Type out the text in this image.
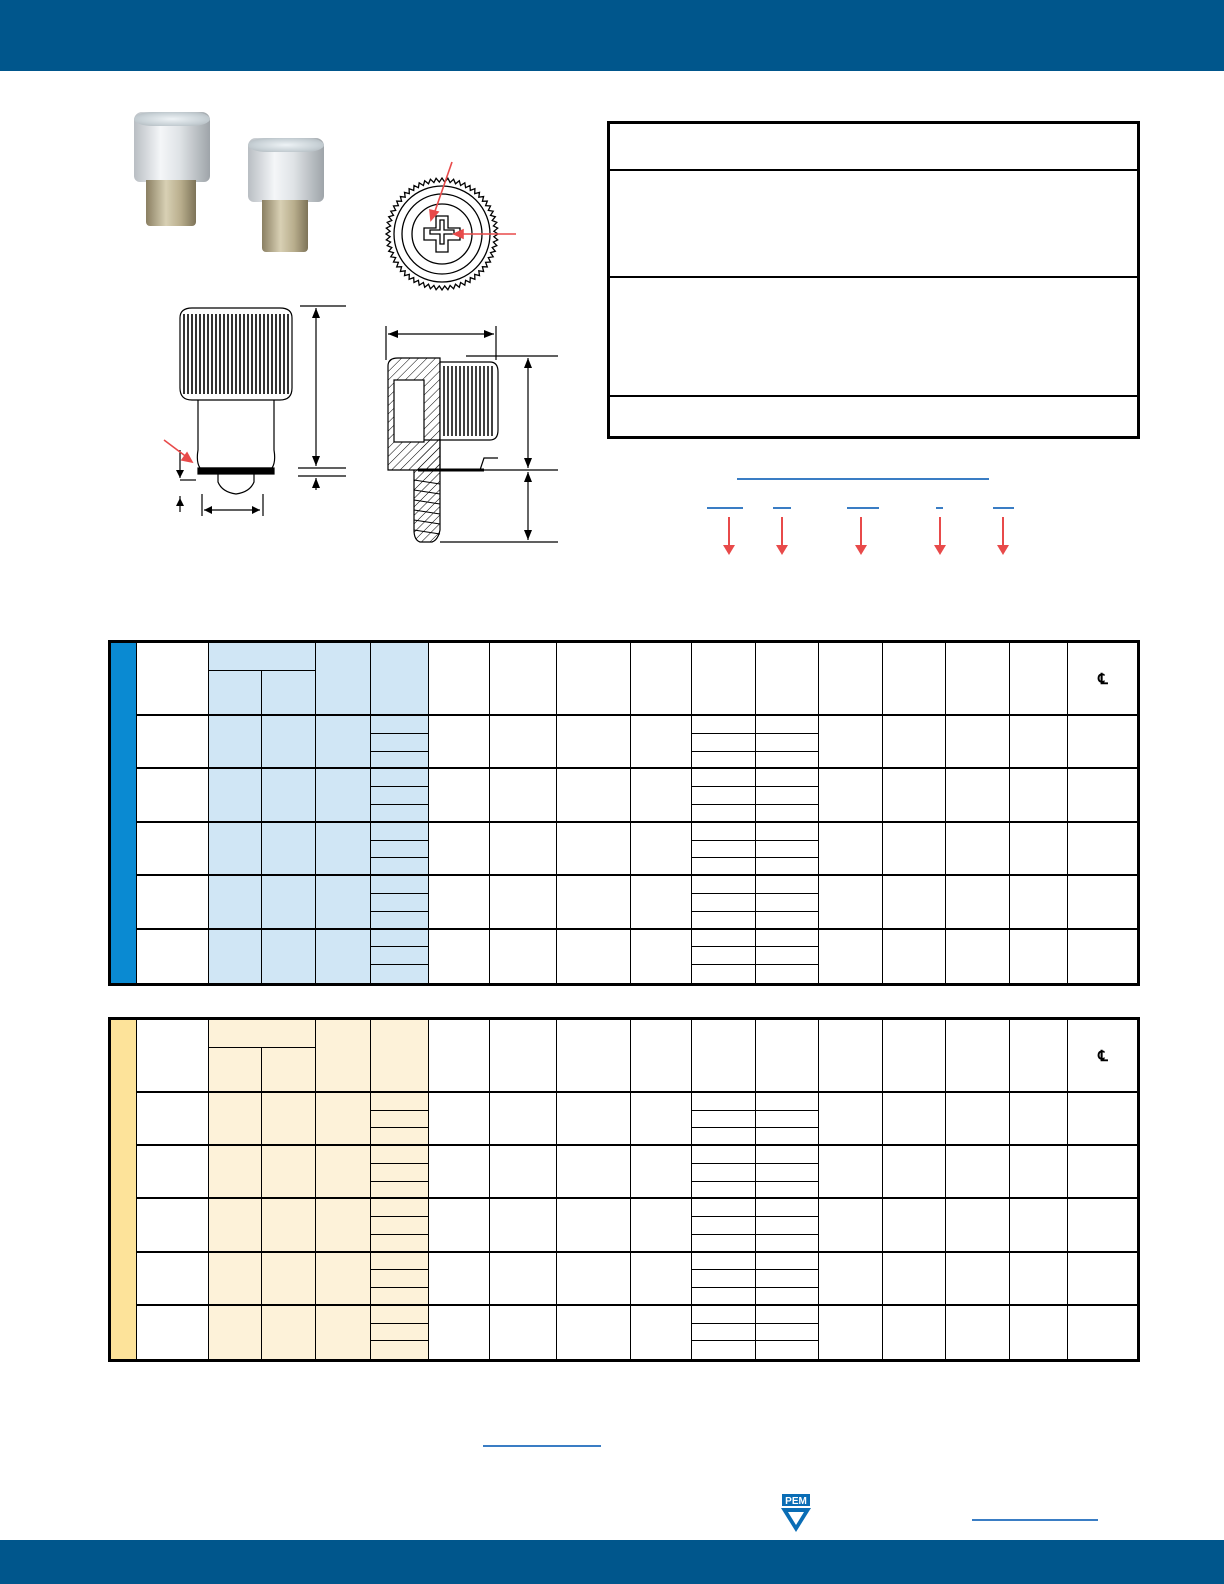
℄
℄
PEM
